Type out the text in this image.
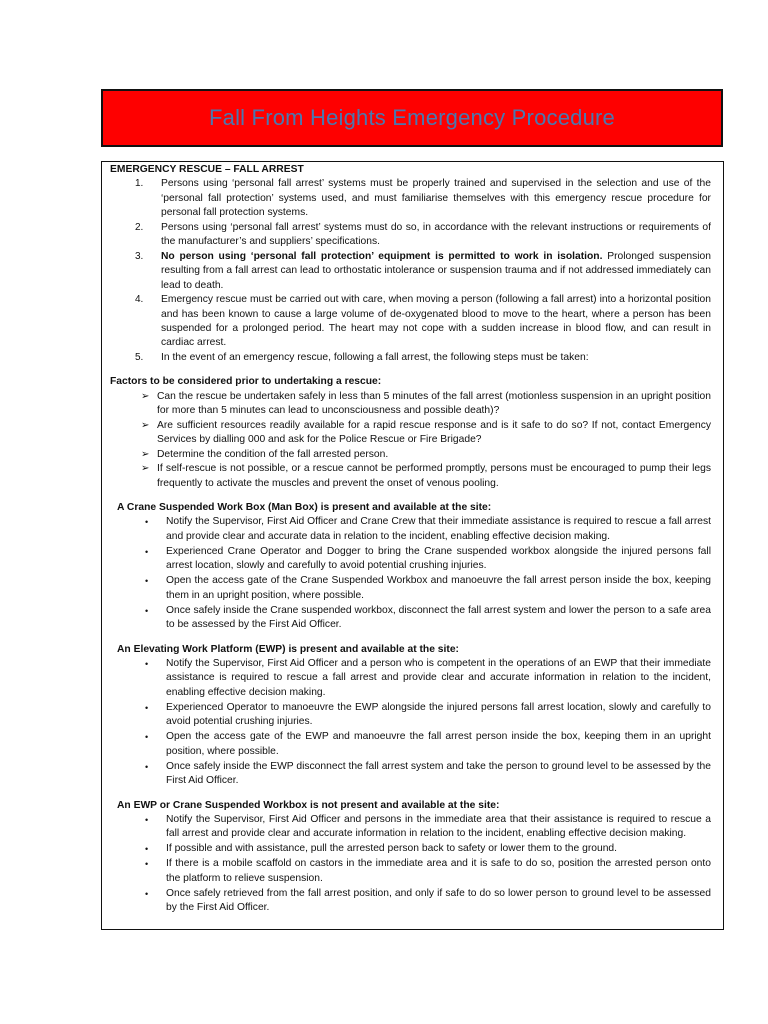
Fall From Heights Emergency Procedure

EMERGENCY RESCUE – FALL ARREST

1. Persons using ‘personal fall arrest’ systems must be properly trained and supervised in the selection and use of the ‘personal fall protection’ systems used, and must familiarise themselves with this emergency rescue procedure for personal fall protection systems.
2. Persons using ‘personal fall arrest’ systems must do so, in accordance with the relevant instructions or requirements of the manufacturer’s and suppliers’ specifications.
3. No person using ‘personal fall protection’ equipment is permitted to work in isolation. Prolonged suspension resulting from a fall arrest can lead to orthostatic intolerance or suspension trauma and if not addressed immediately can lead to death.
4. Emergency rescue must be carried out with care, when moving a person (following a fall arrest) into a horizontal position and has been known to cause a large volume of de-oxygenated blood to move to the heart, where a person has been suspended for a prolonged period. The heart may not cope with a sudden increase in blood flow, and can result in cardiac arrest.
5. In the event of an emergency rescue, following a fall arrest, the following steps must be taken:

Factors to be considered prior to undertaking a rescue:

➢ Can the rescue be undertaken safely in less than 5 minutes of the fall arrest (motionless suspension in an upright position for more than 5 minutes can lead to unconsciousness and possible death)?
➢ Are sufficient resources readily available for a rapid rescue response and is it safe to do so? If not, contact Emergency Services by dialling 000 and ask for the Police Rescue or Fire Brigade?
➢ Determine the condition of the fall arrested person.
➢ If self-rescue is not possible, or a rescue cannot be performed promptly, persons must be encouraged to pump their legs frequently to activate the muscles and prevent the onset of venous pooling.

A Crane Suspended Work Box (Man Box) is present and available at the site:

• Notify the Supervisor, First Aid Officer and Crane Crew that their immediate assistance is required to rescue a fall arrest and provide clear and accurate data in relation to the incident, enabling effective decision making.
• Experienced Crane Operator and Dogger to bring the Crane suspended workbox alongside the injured persons fall arrest location, slowly and carefully to avoid potential crushing injuries.
• Open the access gate of the Crane Suspended Workbox and manoeuvre the fall arrest person inside the box, keeping them in an upright position, where possible.
• Once safely inside the Crane suspended workbox, disconnect the fall arrest system and lower the person to a safe area to be assessed by the First Aid Officer.

An Elevating Work Platform (EWP) is present and available at the site:

• Notify the Supervisor, First Aid Officer and a person who is competent in the operations of an EWP that their immediate assistance is required to rescue a fall arrest and provide clear and accurate information in relation to the incident, enabling effective decision making.
• Experienced Operator to manoeuvre the EWP alongside the injured persons fall arrest location, slowly and carefully to avoid potential crushing injuries.
• Open the access gate of the EWP and manoeuvre the fall arrest person inside the box, keeping them in an upright position, where possible.
• Once safely inside the EWP disconnect the fall arrest system and take the person to ground level to be assessed by the First Aid Officer.

An EWP or Crane Suspended Workbox is not present and available at the site:

• Notify the Supervisor, First Aid Officer and persons in the immediate area that their assistance is required to rescue a fall arrest and provide clear and accurate information in relation to the incident, enabling effective decision making.
• If possible and with assistance, pull the arrested person back to safety or lower them to the ground.
• If there is a mobile scaffold on castors in the immediate area and it is safe to do so, position the arrested person onto the platform to relieve suspension.
• Once safely retrieved from the fall arrest position, and only if safe to do so lower person to ground level to be assessed by the First Aid Officer.
